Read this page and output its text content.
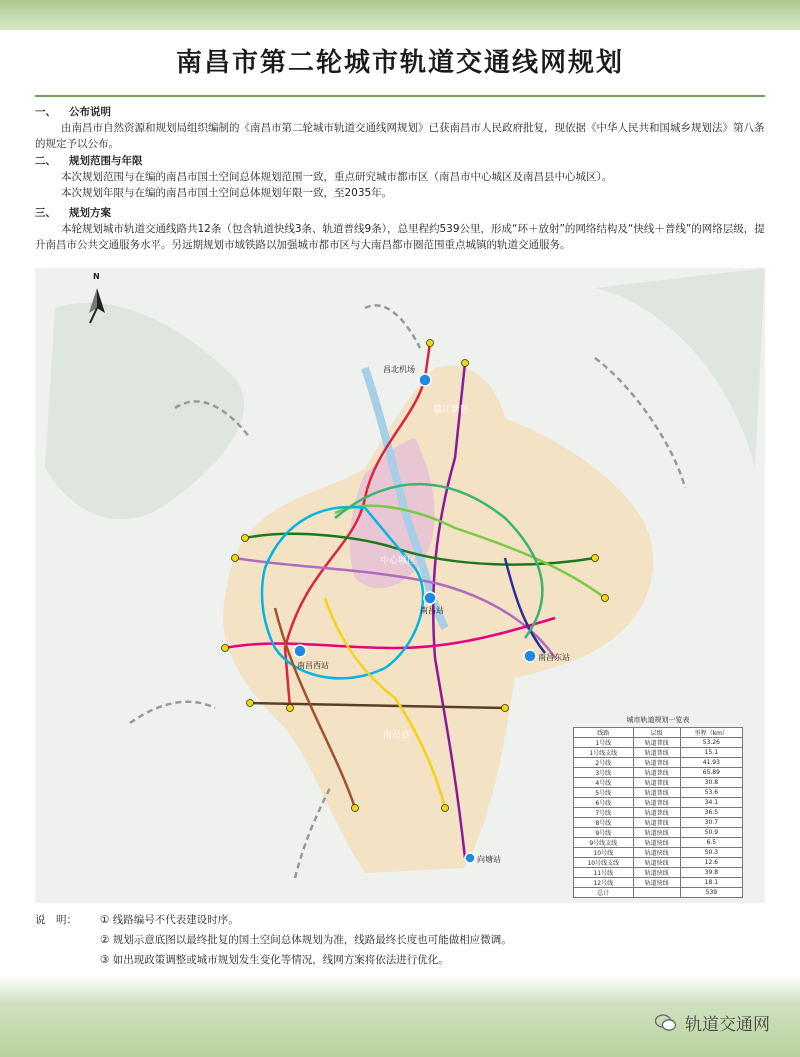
南昌市第二轮城市轨道交通线网规划
一、 公布说明
由南昌市自然资源和规划局组织编制的《南昌市第二轮城市轨道交通线网规划》已获南昌市人民政府批复，现依据《中华人民共和国城乡规划法》第八条的规定予以公布。
二、 规划范围与年限
本次规划范围与在编的南昌市国土空间总体规划范围一致，重点研究城市都市区（南昌市中心城区及南昌县中心城区）。
本次规划年限与在编的南昌市国土空间总体规划年限一致，至2035年。
三、 规划方案
本轮规划城市轨道交通线路共12条（包含轨道快线3条、轨道普线9条），总里程约539公里，形成“环＋放射”的网络结构及“快线＋普线”的网络层级，提升南昌市公共交通服务水平。另远期规划市域铁路以加强城市都市区与大南昌都市圈范围重点城镇的轨道交通服务。
N
昌北机场
南昌站
南昌西站
南昌东站
向塘站
中心城区
赣江新区
南昌县
城市轨道规划一览表
线路	层级	里程（km）
1号线	轨道普线	53.26
1号线支线	轨道普线	15.1
2号线	轨道普线	41.93
3号线	轨道普线	65.89
4号线	轨道普线	30.8
5号线	轨道普线	53.6
6号线	轨道普线	34.1
7号线	轨道普线	36.5
8号线	轨道普线	30.7
9号线	轨道快线	50.9
9号线支线	轨道快线	6.5
10号线	轨道快线	50.3
10号线支线	轨道快线	12.6
11号线	轨道快线	39.8
12号线	轨道快线	18.1
总计		539
说　明：	① 线路编号不代表建设时序。
② 规划示意底图以最终批复的国土空间总体规划为准，线路最终长度也可能做相应微调。
③ 如出现政策调整或城市规划发生变化等情况，线网方案将依法进行优化。
轨道交通网
